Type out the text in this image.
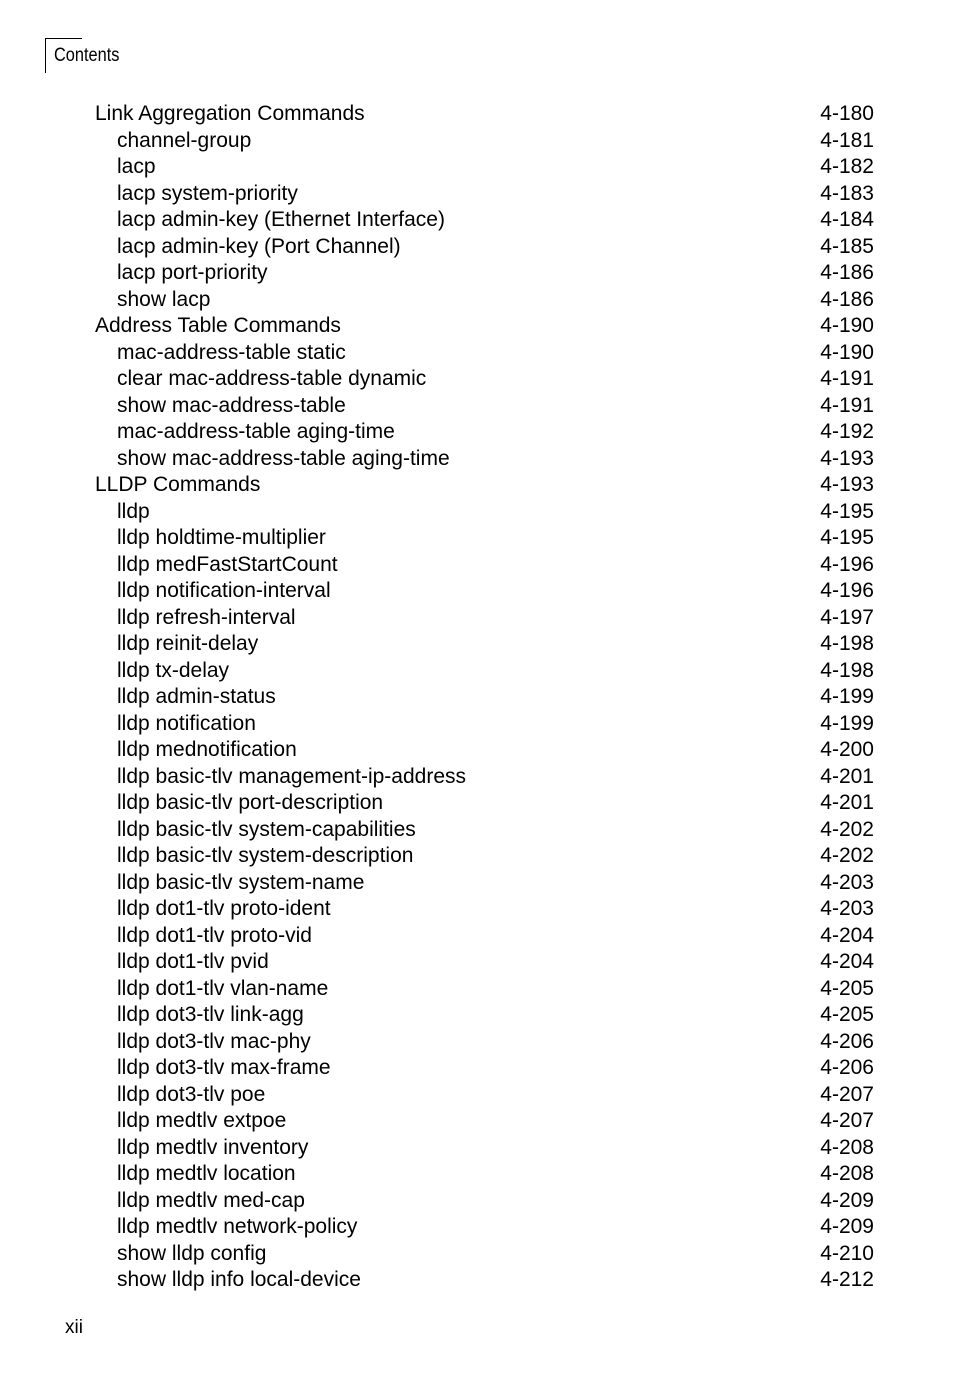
Contents
Link Aggregation Commands	4-180
channel-group	4-181
lacp	4-182
lacp system-priority	4-183
lacp admin-key (Ethernet Interface)	4-184
lacp admin-key (Port Channel)	4-185
lacp port-priority	4-186
show lacp	4-186
Address Table Commands	4-190
mac-address-table static	4-190
clear mac-address-table dynamic	4-191
show mac-address-table	4-191
mac-address-table aging-time	4-192
show mac-address-table aging-time	4-193
LLDP Commands	4-193
lldp	4-195
lldp holdtime-multiplier	4-195
lldp medFastStartCount	4-196
lldp notification-interval	4-196
lldp refresh-interval	4-197
lldp reinit-delay	4-198
lldp tx-delay	4-198
lldp admin-status	4-199
lldp notification	4-199
lldp mednotification	4-200
lldp basic-tlv management-ip-address	4-201
lldp basic-tlv port-description	4-201
lldp basic-tlv system-capabilities	4-202
lldp basic-tlv system-description	4-202
lldp basic-tlv system-name	4-203
lldp dot1-tlv proto-ident	4-203
lldp dot1-tlv proto-vid	4-204
lldp dot1-tlv pvid	4-204
lldp dot1-tlv vlan-name	4-205
lldp dot3-tlv link-agg	4-205
lldp dot3-tlv mac-phy	4-206
lldp dot3-tlv max-frame	4-206
lldp dot3-tlv poe	4-207
lldp medtlv extpoe	4-207
lldp medtlv inventory	4-208
lldp medtlv location	4-208
lldp medtlv med-cap	4-209
lldp medtlv network-policy	4-209
show lldp config	4-210
show lldp info local-device	4-212
xii
